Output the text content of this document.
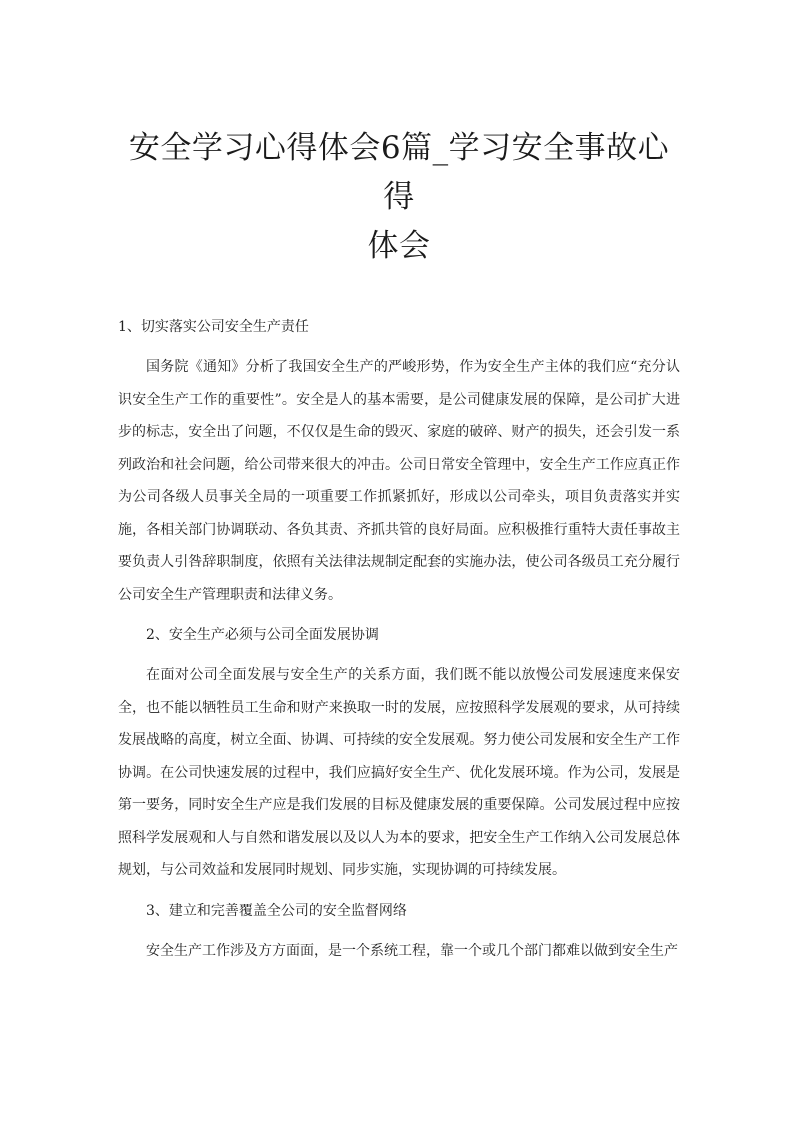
安全学习心得体会6篇_学习安全事故心得
体会
1、切实落实公司安全生产责任

国务院《通知》分析了我国安全生产的严峻形势，作为安全生产主体的我们应“充分认识安全生产工作的重要性”。安全是人的基本需要，是公司健康发展的保障，是公司扩大进步的标志，安全出了问题，不仅仅是生命的毁灭、家庭的破碎、财产的损失，还会引发一系列政治和社会问题，给公司带来很大的冲击。公司日常安全管理中，安全生产工作应真正作为公司各级人员事关全局的一项重要工作抓紧抓好，形成以公司牵头，项目负责落实并实施，各相关部门协调联动、各负其责、齐抓共管的良好局面。应积极推行重特大责任事故主要负责人引咎辞职制度，依照有关法律法规制定配套的实施办法，使公司各级员工充分履行公司安全生产管理职责和法律义务。

2、安全生产必须与公司全面发展协调

在面对公司全面发展与安全生产的关系方面，我们既不能以放慢公司发展速度来保安全，也不能以牺牲员工生命和财产来换取一时的发展，应按照科学发展观的要求，从可持续发展战略的高度，树立全面、协调、可持续的安全发展观。努力使公司发展和安全生产工作协调。在公司快速发展的过程中，我们应搞好安全生产、优化发展环境。作为公司，发展是第一要务，同时安全生产应是我们发展的目标及健康发展的重要保障。公司发展过程中应按照科学发展观和人与自然和谐发展以及以人为本的要求，把安全生产工作纳入公司发展总体规划，与公司效益和发展同时规划、同步实施，实现协调的可持续发展。

3、建立和完善覆盖全公司的安全监督网络

安全生产工作涉及方方面面，是一个系统工程，靠一个或几个部门都难以做到安全生产
